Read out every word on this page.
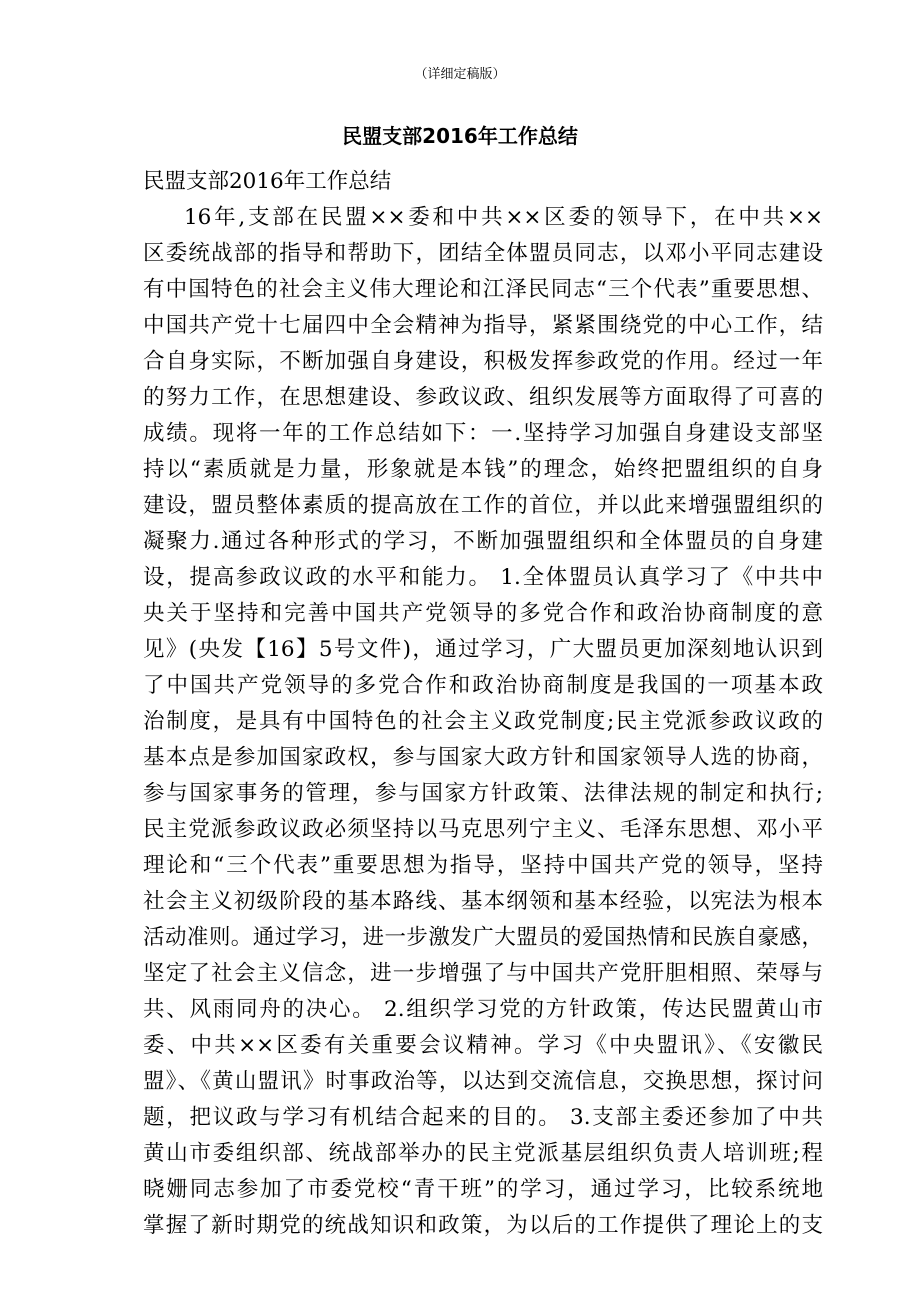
（详细定稿版）
民盟支部2016年工作总结
民盟支部2016年工作总结
16年,支部在民盟××委和中共××区委的领导下，在中共××
区委统战部的指导和帮助下，团结全体盟员同志，以邓小平同志建设
有中国特色的社会主义伟大理论和江泽民同志“三个代表”重要思想、
中国共产党十七届四中全会精神为指导，紧紧围绕党的中心工作，结
合自身实际，不断加强自身建设，积极发挥参政党的作用。经过一年
的努力工作，在思想建设、参政议政、组织发展等方面取得了可喜的
成绩。现将一年的工作总结如下：一.坚持学习加强自身建设支部坚
持以“素质就是力量，形象就是本钱”的理念，始终把盟组织的自身
建设，盟员整体素质的提高放在工作的首位，并以此来增强盟组织的
凝聚力.通过各种形式的学习，不断加强盟组织和全体盟员的自身建
设，提高参政议政的水平和能力。 1.全体盟员认真学习了《中共中
央关于坚持和完善中国共产党领导的多党合作和政治协商制度的意
见》(央发【16】5号文件)，通过学习，广大盟员更加深刻地认识到
了中国共产党领导的多党合作和政治协商制度是我国的一项基本政
治制度，是具有中国特色的社会主义政党制度;民主党派参政议政的
基本点是参加国家政权，参与国家大政方针和国家领导人选的协商，
参与国家事务的管理，参与国家方针政策、法律法规的制定和执行;
民主党派参政议政必须坚持以马克思列宁主义、毛泽东思想、邓小平
理论和“三个代表”重要思想为指导，坚持中国共产党的领导，坚持
社会主义初级阶段的基本路线、基本纲领和基本经验，以宪法为根本
活动准则。通过学习，进一步激发广大盟员的爱国热情和民族自豪感，
坚定了社会主义信念，进一步增强了与中国共产党肝胆相照、荣辱与
共、风雨同舟的决心。 2.组织学习党的方针政策，传达民盟黄山市
委、中共××区委有关重要会议精神。学习《中央盟讯》、《安徽民
盟》、《黄山盟讯》时事政治等，以达到交流信息，交换思想，探讨问
题，把议政与学习有机结合起来的目的。 3.支部主委还参加了中共
黄山市委组织部、统战部举办的民主党派基层组织负责人培训班;程
晓姗同志参加了市委党校“青干班”的学习，通过学习，比较系统地
掌握了新时期党的统战知识和政策，为以后的工作提供了理论上的支
